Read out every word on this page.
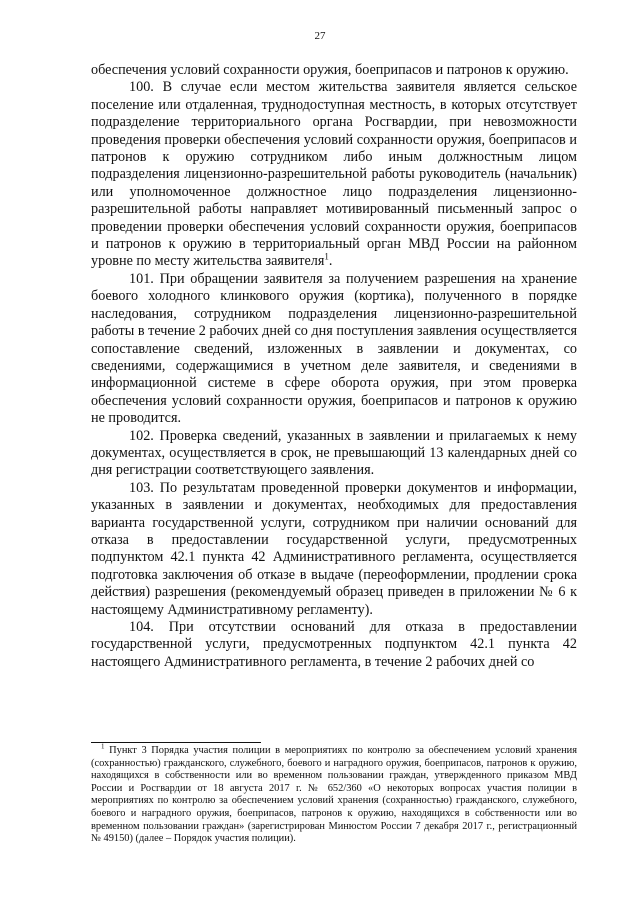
27

обеспечения условий сохранности оружия, боеприпасов и патронов к оружию.

100. В случае если местом жительства заявителя является сельское поселение или отдаленная, труднодоступная местность, в которых отсутствует подразделение территориального органа Росгвардии, при невозможности проведения проверки обеспечения условий сохранности оружия, боеприпасов и патронов к оружию сотрудником либо иным должностным лицом подразделения лицензионно-разрешительной работы руководитель (начальник) или уполномоченное должностное лицо подразделения лицензионно-разрешительной работы направляет мотивированный письменный запрос о проведении проверки обеспечения условий сохранности оружия, боеприпасов и патронов к оружию в территориальный орган МВД России на районном уровне по месту жительства заявителя$^1$.

101. При обращении заявителя за получением разрешения на хранение боевого холодного клинкового оружия (кортика), полученного в порядке наследования, сотрудником подразделения лицензионно-разрешительной работы в течение 2 рабочих дней со дня поступления заявления осуществляется сопоставление сведений, изложенных в заявлении и документах, со сведениями, содержащимися в учетном деле заявителя, и сведениями в информационной системе в сфере оборота оружия, при этом проверка обеспечения условий сохранности оружия, боеприпасов и патронов к оружию не проводится.

102. Проверка сведений, указанных в заявлении и прилагаемых к нему документах, осуществляется в срок, не превышающий 13 календарных дней со дня регистрации соответствующего заявления.

103. По результатам проведенной проверки документов и информации, указанных в заявлении и документах, необходимых для предоставления варианта государственной услуги, сотрудником при наличии оснований для отказа в предоставлении государственной услуги, предусмотренных подпунктом 42.1 пункта 42 Административного регламента, осуществляется подготовка заключения об отказе в выдаче (переоформлении, продлении срока действия) разрешения (рекомендуемый образец приведен в приложении № 6 к настоящему Административному регламенту).

104. При отсутствии оснований для отказа в предоставлении государственной услуги, предусмотренных подпунктом 42.1 пункта 42 настоящего Административного регламента, в течение 2 рабочих дней со

$^1$ Пункт 3 Порядка участия полиции в мероприятиях по контролю за обеспечением условий хранения (сохранностью) гражданского, служебного, боевого и наградного оружия, боеприпасов, патронов к оружию, находящихся в собственности или во временном пользовании граждан, утвержденного приказом МВД России и Росгвардии от 18 августа 2017 г. № 652/360 «О некоторых вопросах участия полиции в мероприятиях по контролю за обеспечением условий хранения (сохранностью) гражданского, служебного, боевого и наградного оружия, боеприпасов, патронов к оружию, находящихся в собственности или во временном пользовании граждан» (зарегистрирован Минюстом России 7 декабря 2017 г., регистрационный № 49150) (далее – Порядок участия полиции).
